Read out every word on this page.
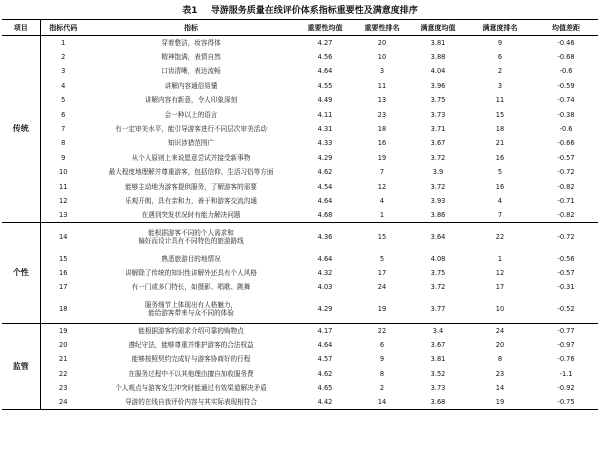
表1 导游服务质量在线评价体系指标重要性及满意度排序
项目	指标代码	指标	重要性均值	重要性排名	满意度均值	满意度排名	均值差距
传统	1	穿着整洁，妆容得体	4.27	20	3.81	9	-0.46
	2	精神饱满，表情自然	4.56	10	3.88	6	-0.68
	3	口齿清晰，表达流畅	4.64	3	4.04	2	-0.6
	4	讲解内容通俗易懂	4.55	11	3.96	3	-0.59
	5	讲解内容有新意，令人印象深刻	4.49	13	3.75	11	-0.74
	6	会一种以上的语言	4.11	23	3.73	15	-0.38
	7	有一定审美水平，能引导游客进行不同层次审美活动	4.31	18	3.71	18	-0.6
	8	知识涉猎范围广	4.33	16	3.67	21	-0.66
	9	从个人原则上来说愿意尝试并接受新事物	4.29	19	3.72	16	-0.57
	10	最大程度地理解并尊重游客，包括信仰、生活习俗等方面	4.62	7	3.9	5	-0.72
	11	能够主动地为游客提供服务，了解游客的需要	4.54	12	3.72	16	-0.82
	12	乐观开朗，具有亲和力，善于和游客交流沟通	4.64	4	3.93	4	-0.71
	13	在遇到突发状况时有能力解决问题	4.68	1	3.86	7	-0.82
个性	14	能根据游客不同的个人需求和
偏好而设计具有不同特色的旅游路线	4.36	15	3.64	22	-0.72
	15	熟悉旅游目的地情况	4.64	5	4.08	1	-0.56
	16	讲解除了传统的知识性讲解外还具有个人风格	4.32	17	3.75	12	-0.57
	17	有一门或多门特长，如摄影、唱歌、跳舞	4.03	24	3.72	17	-0.31
	18	服务细节上体现出有人格魅力，
能给游客带来与众不同的体验	4.29	19	3.77	10	-0.52
监管	19	能根据游客的需求介绍可靠的购物点	4.17	22	3.4	24	-0.77
	20	遵纪守法，能够尊重并维护游客的合法权益	4.64	6	3.67	20	-0.97
	21	能够按照契约完成好与游客协商好的行程	4.57	9	3.81	8	-0.76
	22	在服务过程中不以其他理由擅自加收服务费	4.62	8	3.52	23	-1.1
	23	个人观点与游客发生冲突时能通过有效渠道解决矛盾	4.65	2	3.73	14	-0.92
	24	导游的在线自我评价内容与其实际表现相符合	4.42	14	3.68	19	-0.75
